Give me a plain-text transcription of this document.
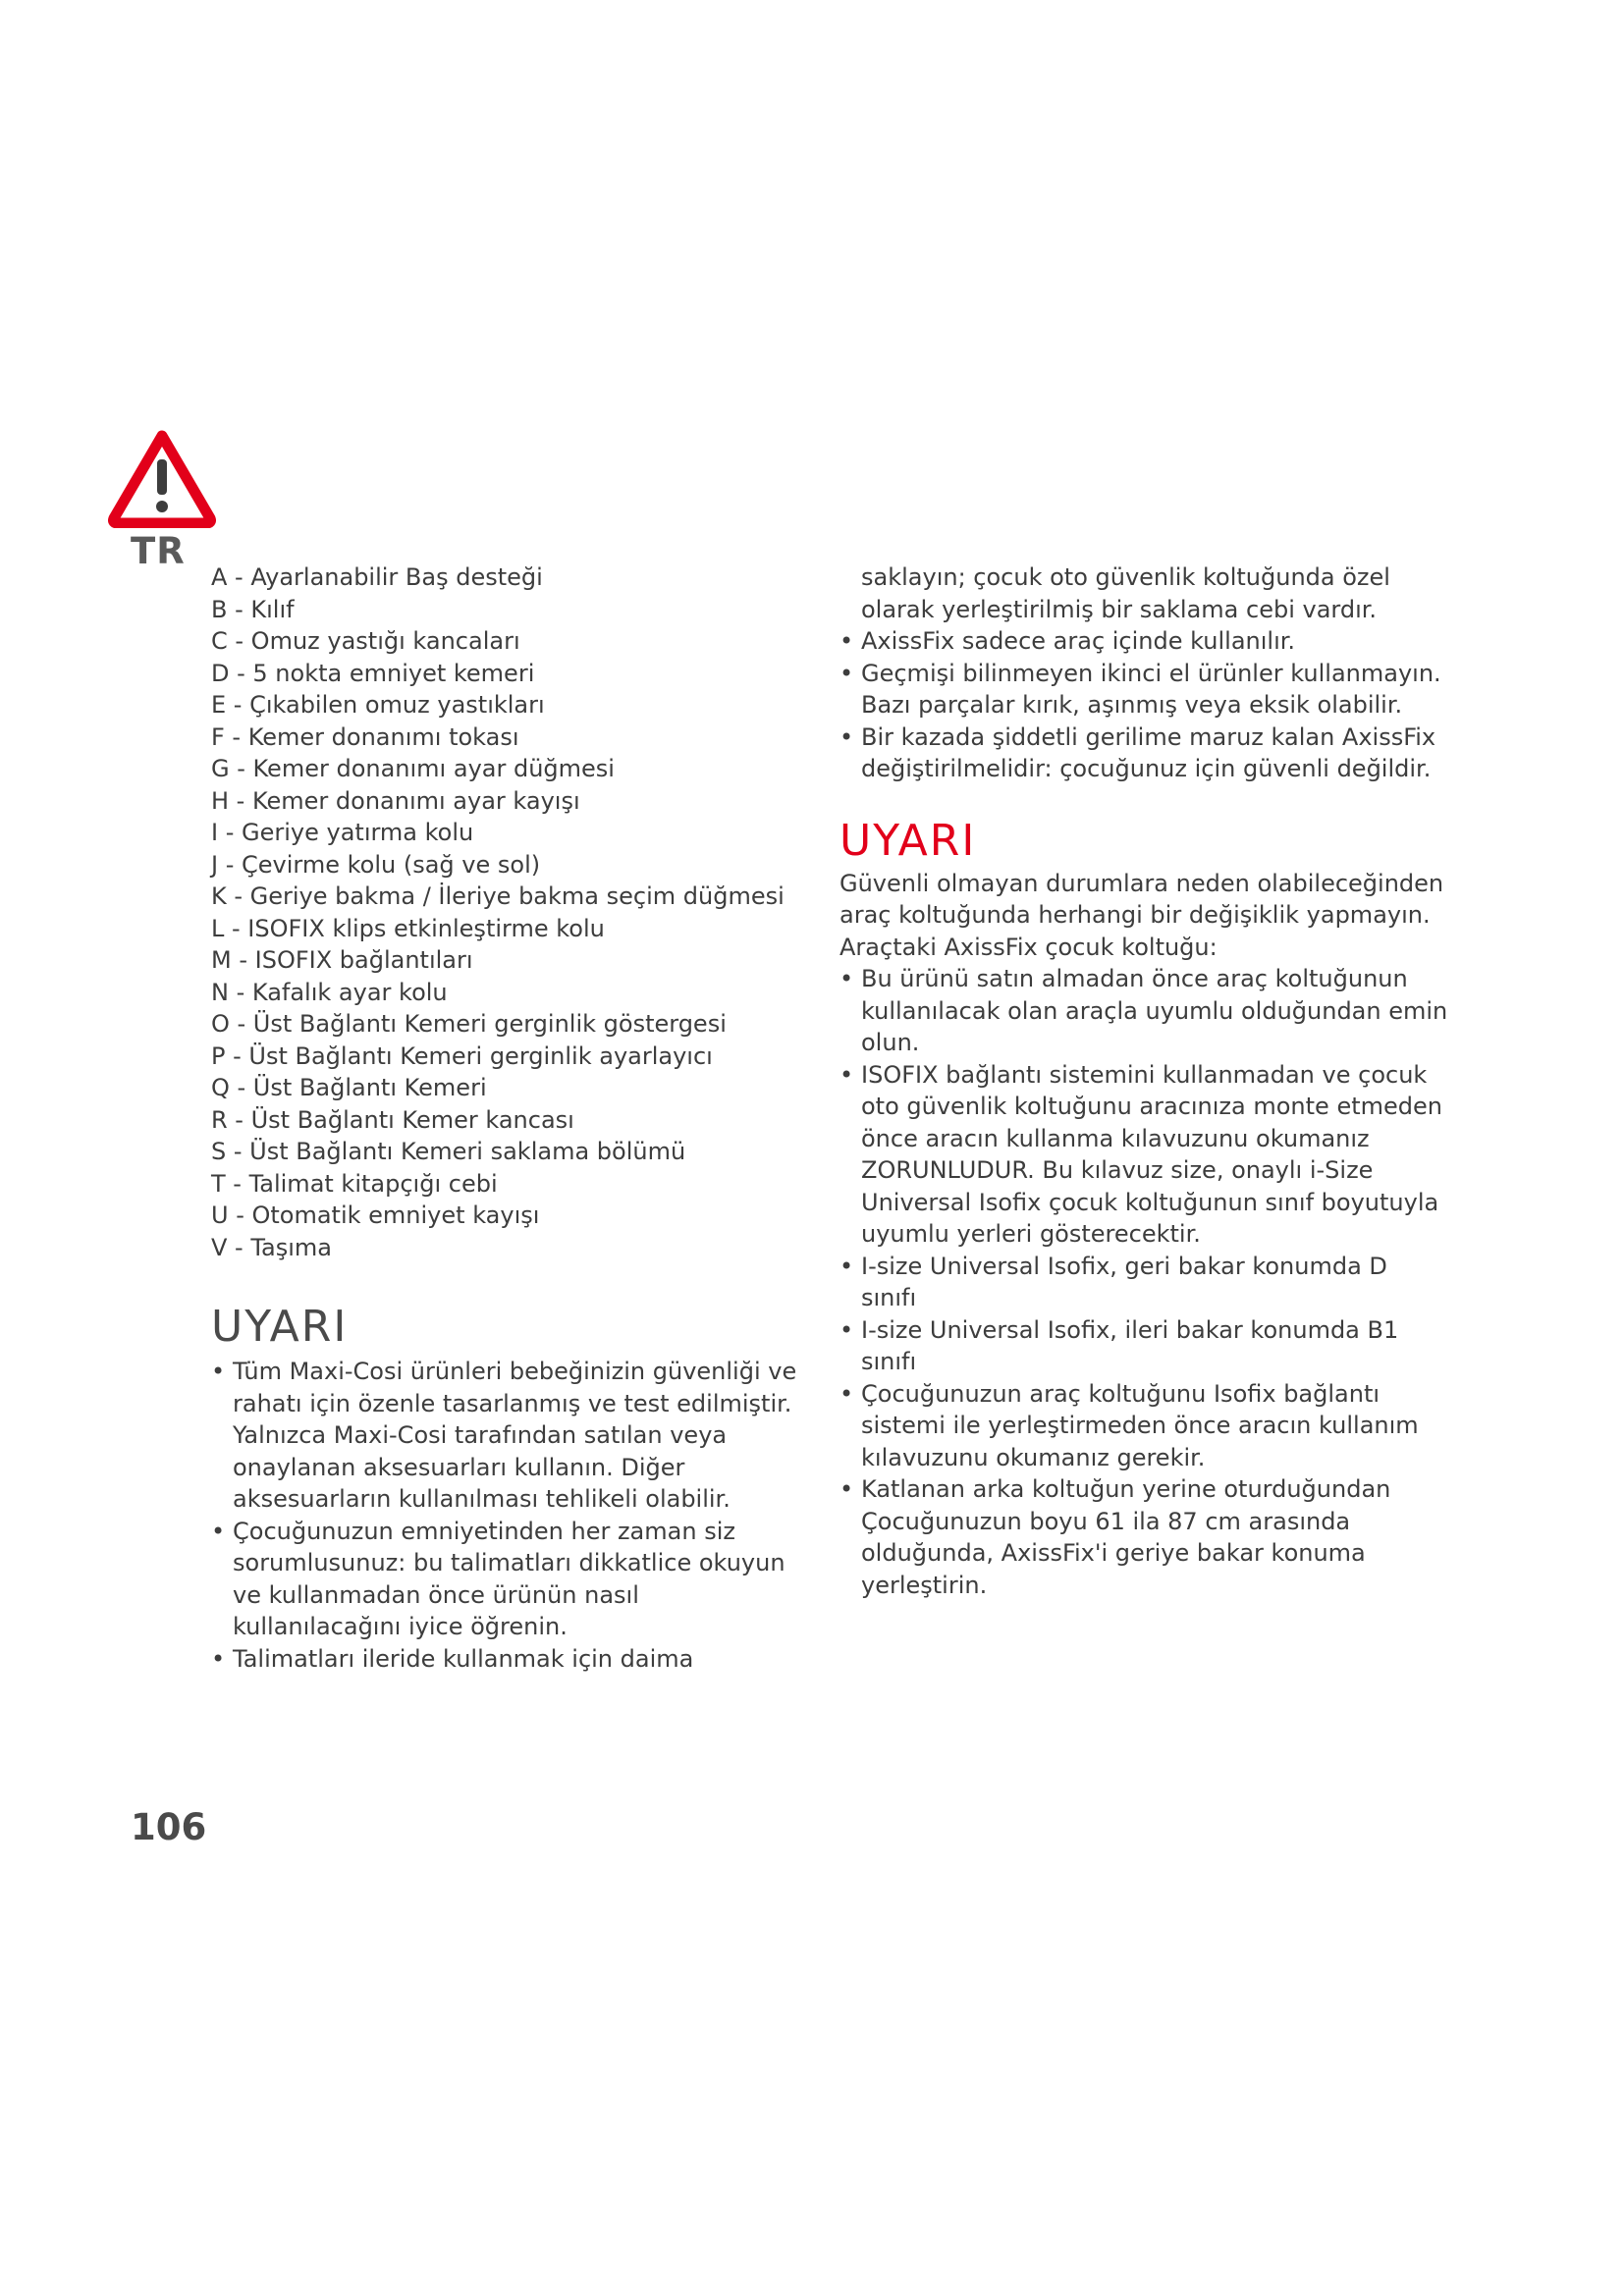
TR
A - Ayarlanabilir Baş desteği
B - Kılıf
C - Omuz yastığı kancaları
D - 5 nokta emniyet kemeri
E - Çıkabilen omuz yastıkları
F - Kemer donanımı tokası
G - Kemer donanımı ayar düğmesi
H - Kemer donanımı ayar kayışı
I - Geriye yatırma kolu
J - Çevirme kolu (sağ ve sol)
K - Geriye bakma / İleriye bakma seçim düğmesi
L - ISOFIX klips etkinleştirme kolu
M - ISOFIX bağlantıları
N - Kafalık ayar kolu
O - Üst Bağlantı Kemeri gerginlik göstergesi
P - Üst Bağlantı Kemeri gerginlik ayarlayıcı
Q - Üst Bağlantı Kemeri
R - Üst Bağlantı Kemer kancası
S - Üst Bağlantı Kemeri saklama bölümü
T - Talimat kitapçığı cebi
U - Otomatik emniyet kayışı
V - Taşıma
UYARI
• Tüm Maxi-Cosi ürünleri bebeğinizin güvenliği ve rahatı için özenle tasarlanmış ve test edilmiştir. Yalnızca Maxi-Cosi tarafından satılan veya onaylanan aksesuarları kullanın. Diğer aksesuarların kullanılması tehlikeli olabilir.
• Çocuğunuzun emniyetinden her zaman siz sorumlusunuz: bu talimatları dikkatlice okuyun ve kullanmadan önce ürünün nasıl kullanılacağını iyice öğrenin.
• Talimatları ileride kullanmak için daima
saklayın; çocuk oto güvenlik koltuğunda özel olarak yerleştirilmiş bir saklama cebi vardır.
• AxissFix sadece araç içinde kullanılır.
• Geçmişi bilinmeyen ikinci el ürünler kullanmayın. Bazı parçalar kırık, aşınmış veya eksik olabilir.
• Bir kazada şiddetli gerilime maruz kalan AxissFix değiştirilmelidir: çocuğunuz için güvenli değildir.
UYARI

Güvenli olmayan durumlara neden olabileceğinden araç koltuğunda herhangi bir değişiklik yapmayın.

Araçtaki AxissFix çocuk koltuğu:

• Bu ürünü satın almadan önce araç koltuğunun kullanılacak olan araçla uyumlu olduğundan emin olun.
• ISOFIX bağlantı sistemini kullanmadan ve çocuk oto güvenlik koltuğunu aracınıza monte etmeden önce aracın kullanma kılavuzunu okumanız ZORUNLUDUR. Bu kılavuz size, onaylı i-Size Universal Isofix çocuk koltuğunun sınıf boyutuyla uyumlu yerleri gösterecektir.
• I-size Universal Isofix, geri bakar konumda D sınıfı
• I-size Universal Isofix, ileri bakar konumda B1 sınıfı
• Çocuğunuzun araç koltuğunu Isofix bağlantı sistemi ile yerleştirmeden önce aracın kullanım kılavuzunu okumanız gerekir.
• Katlanan arka koltuğun yerine oturduğundan Çocuğunuzun boyu 61 ila 87 cm arasında olduğunda, AxissFix'i geriye bakar konuma yerleştirin.
106
